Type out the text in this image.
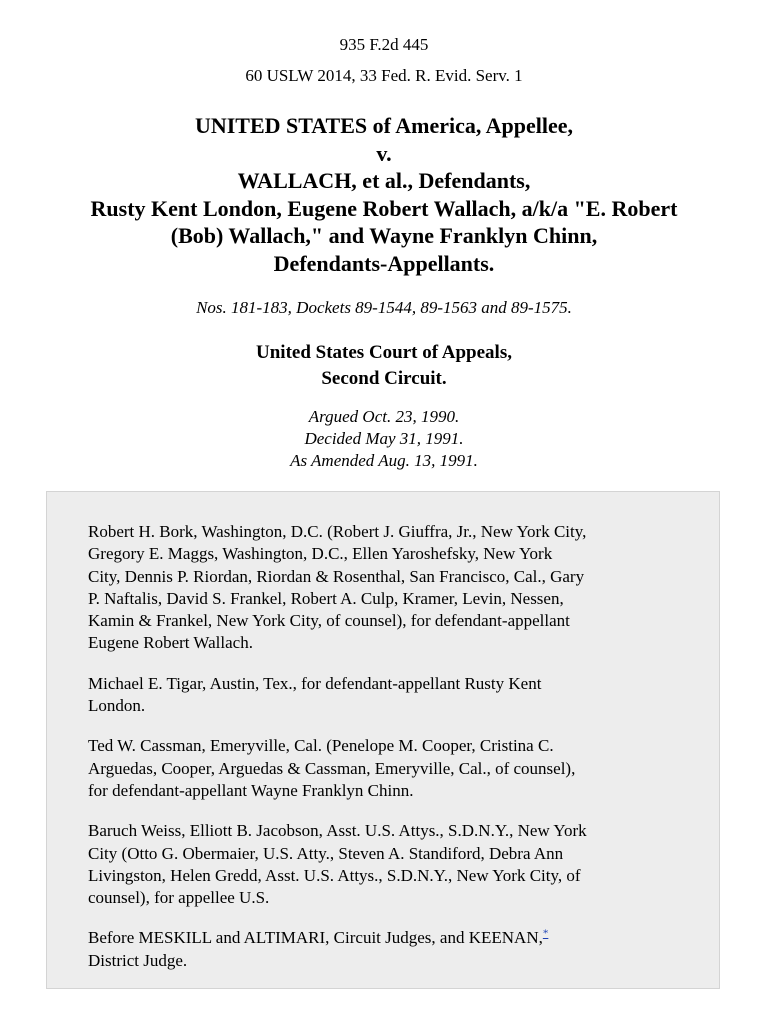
935 F.2d 445
60 USLW 2014, 33 Fed. R. Evid. Serv. 1
UNITED STATES of America, Appellee,
v.
WALLACH, et al., Defendants,
Rusty Kent London, Eugene Robert Wallach, a/k/a "E. Robert
(Bob) Wallach," and Wayne Franklyn Chinn,
Defendants-Appellants.
Nos. 181-183, Dockets 89-1544, 89-1563 and 89-1575.
United States Court of Appeals,
Second Circuit.
Argued Oct. 23, 1990.
Decided May 31, 1991.
As Amended Aug. 13, 1991.
Robert H. Bork, Washington, D.C. (Robert J. Giuffra, Jr., New York City,
Gregory E. Maggs, Washington, D.C., Ellen Yaroshefsky, New York
City, Dennis P. Riordan, Riordan & Rosenthal, San Francisco, Cal., Gary
P. Naftalis, David S. Frankel, Robert A. Culp, Kramer, Levin, Nessen,
Kamin & Frankel, New York City, of counsel), for defendant-appellant
Eugene Robert Wallach.
Michael E. Tigar, Austin, Tex., for defendant-appellant Rusty Kent
London.
Ted W. Cassman, Emeryville, Cal. (Penelope M. Cooper, Cristina C.
Arguedas, Cooper, Arguedas & Cassman, Emeryville, Cal., of counsel),
for defendant-appellant Wayne Franklyn Chinn.
Baruch Weiss, Elliott B. Jacobson, Asst. U.S. Attys., S.D.N.Y., New York
City (Otto G. Obermaier, U.S. Atty., Steven A. Standiford, Debra Ann
Livingston, Helen Gredd, Asst. U.S. Attys., S.D.N.Y., New York City, of
counsel), for appellee U.S.
Before MESKILL and ALTIMARI, Circuit Judges, and KEENAN,*
District Judge.
